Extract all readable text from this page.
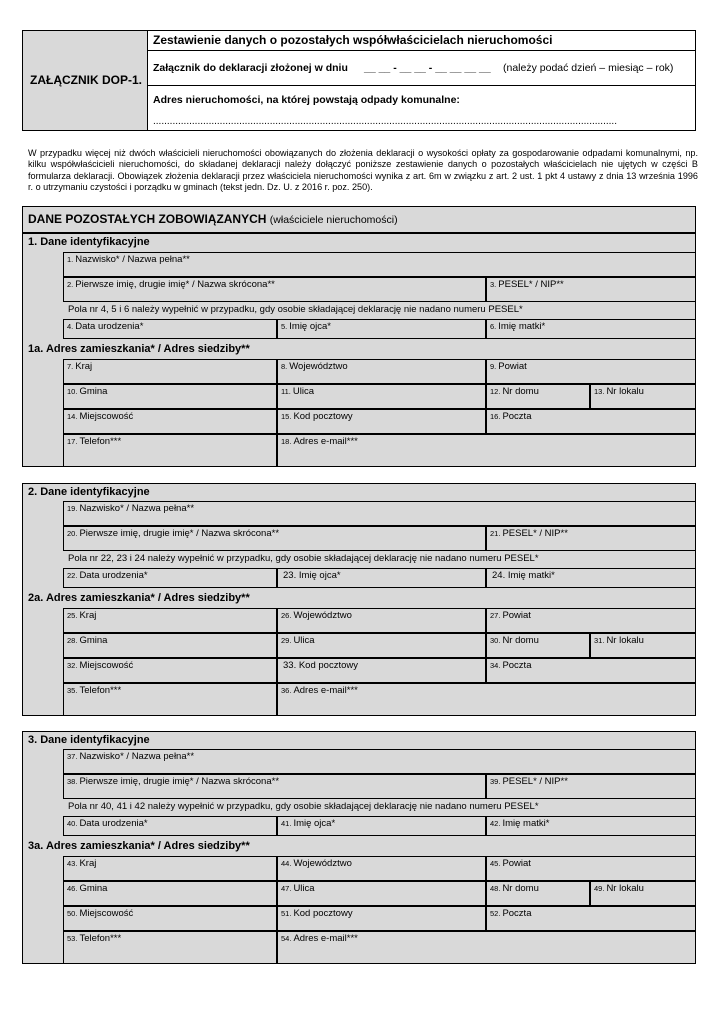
ZAŁĄCZNIK DOP-1.
Zestawienie danych o pozostałych współwłaścicielach nieruchomości
Załącznik do deklaracji złożonej w dniu __ __ - __ __ - __ __ __ __ (należy podać dzień – miesiąc – rok)
Adres nieruchomości, na której powstają odpady komunalne:
.......................................................................................................................................................................
W przypadku więcej niż dwóch właścicieli nieruchomości obowiązanych do złożenia deklaracji o wysokości opłaty za gospodarowanie odpadami komunalnymi, np. kilku współwłaścicieli nieruchomości, do składanej deklaracji należy dołączyć poniższe zestawienie danych o pozostałych właścicielach nie ujętych w części B formularza deklaracji. Obowiązek złożenia deklaracji przez właściciela nieruchomości wynika z art. 6m w związku z art. 2 ust. 1 pkt 4 ustawy z dnia 13 września 1996 r. o utrzymaniu czystości i porządku w gminach (tekst jedn. Dz. U. z 2016 r. poz. 250).
DANE POZOSTAŁYCH ZOBOWIĄZANYCH (właściciele nieruchomości)
1. Dane identyfikacyjne
1. Nazwisko* / Nazwa pełna**
2. Pierwsze imię, drugie imię* / Nazwa skrócona**	3. PESEL* / NIP**
Pola nr 4, 5 i 6 należy wypełnić w przypadku, gdy osobie składającej deklarację nie nadano numeru PESEL*
4. Data urodzenia*	5. Imię ojca*	6. Imię matki*
1a. Adres zamieszkania* / Adres siedziby**
7. Kraj	8. Województwo	9. Powiat
10. Gmina	11. Ulica	12. Nr domu	13. Nr lokalu
14. Miejscowość	15. Kod pocztowy	16. Poczta
17. Telefon***	18. Adres e-mail***
2. Dane identyfikacyjne
19. Nazwisko* / Nazwa pełna**
20. Pierwsze imię, drugie imię* / Nazwa skrócona**	21. PESEL* / NIP**
Pola nr 22, 23 i 24 należy wypełnić w przypadku, gdy osobie składającej deklarację nie nadano numeru PESEL*
22. Data urodzenia*	23. Imię ojca*	24. Imię matki*
2a. Adres zamieszkania* / Adres siedziby**
25. Kraj	26. Województwo	27. Powiat
28. Gmina	29. Ulica	30. Nr domu	31. Nr lokalu
32. Miejscowość	33. Kod pocztowy	34. Poczta
35. Telefon***	36. Adres e-mail***
3. Dane identyfikacyjne
37. Nazwisko* / Nazwa pełna**
38. Pierwsze imię, drugie imię* / Nazwa skrócona**	39. PESEL* / NIP**
Pola nr 40, 41 i 42 należy wypełnić w przypadku, gdy osobie składającej deklarację nie nadano numeru PESEL*
40. Data urodzenia*	41. Imię ojca*	42. Imię matki*
3a. Adres zamieszkania* / Adres siedziby**
43. Kraj	44. Województwo	45. Powiat
46. Gmina	47. Ulica	48. Nr domu	49. Nr lokalu
50. Miejscowość	51. Kod pocztowy	52. Poczta
53. Telefon***	54. Adres e-mail***
